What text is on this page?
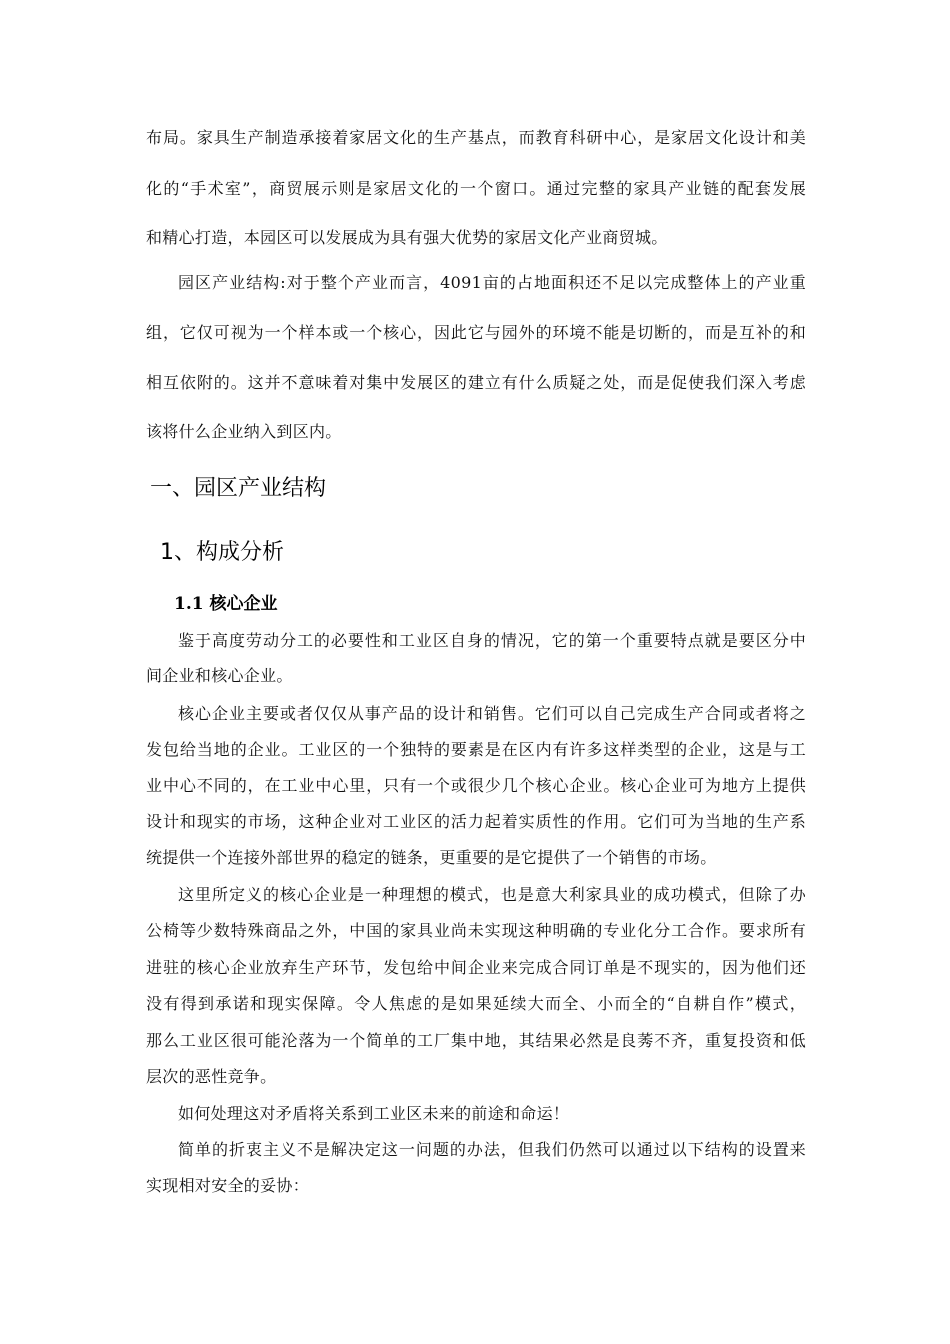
布局。家具生产制造承接着家居文化的生产基点，而教育科研中心，是家居文化设计和美
化的“手术室”，商贸展示则是家居文化的一个窗口。通过完整的家具产业链的配套发展
和精心打造，本园区可以发展成为具有强大优势的家居文化产业商贸城。
园区产业结构:对于整个产业而言，4091亩的占地面积还不足以完成整体上的产业重
组，它仅可视为一个样本或一个核心，因此它与园外的环境不能是切断的，而是互补的和
相互依附的。这并不意味着对集中发展区的建立有什么质疑之处，而是促使我们深入考虑
该将什么企业纳入到区内。
一、园区产业结构
1、构成分析
1.1 核心企业
鉴于高度劳动分工的必要性和工业区自身的情况，它的第一个重要特点就是要区分中
间企业和核心企业。
核心企业主要或者仅仅从事产品的设计和销售。它们可以自己完成生产合同或者将之
发包给当地的企业。工业区的一个独特的要素是在区内有许多这样类型的企业，这是与工
业中心不同的，在工业中心里，只有一个或很少几个核心企业。核心企业可为地方上提供
设计和现实的市场，这种企业对工业区的活力起着实质性的作用。它们可为当地的生产系
统提供一个连接外部世界的稳定的链条，更重要的是它提供了一个销售的市场。
这里所定义的核心企业是一种理想的模式，也是意大利家具业的成功模式，但除了办
公椅等少数特殊商品之外，中国的家具业尚未实现这种明确的专业化分工合作。要求所有
进驻的核心企业放弃生产环节，发包给中间企业来完成合同订单是不现实的，因为他们还
没有得到承诺和现实保障。令人焦虑的是如果延续大而全、小而全的“自耕自作”模式，
那么工业区很可能沦落为一个简单的工厂集中地，其结果必然是良莠不齐，重复投资和低
层次的恶性竞争。
如何处理这对矛盾将关系到工业区未来的前途和命运！
简单的折衷主义不是解决定这一问题的办法，但我们仍然可以通过以下结构的设置来
实现相对安全的妥协：
